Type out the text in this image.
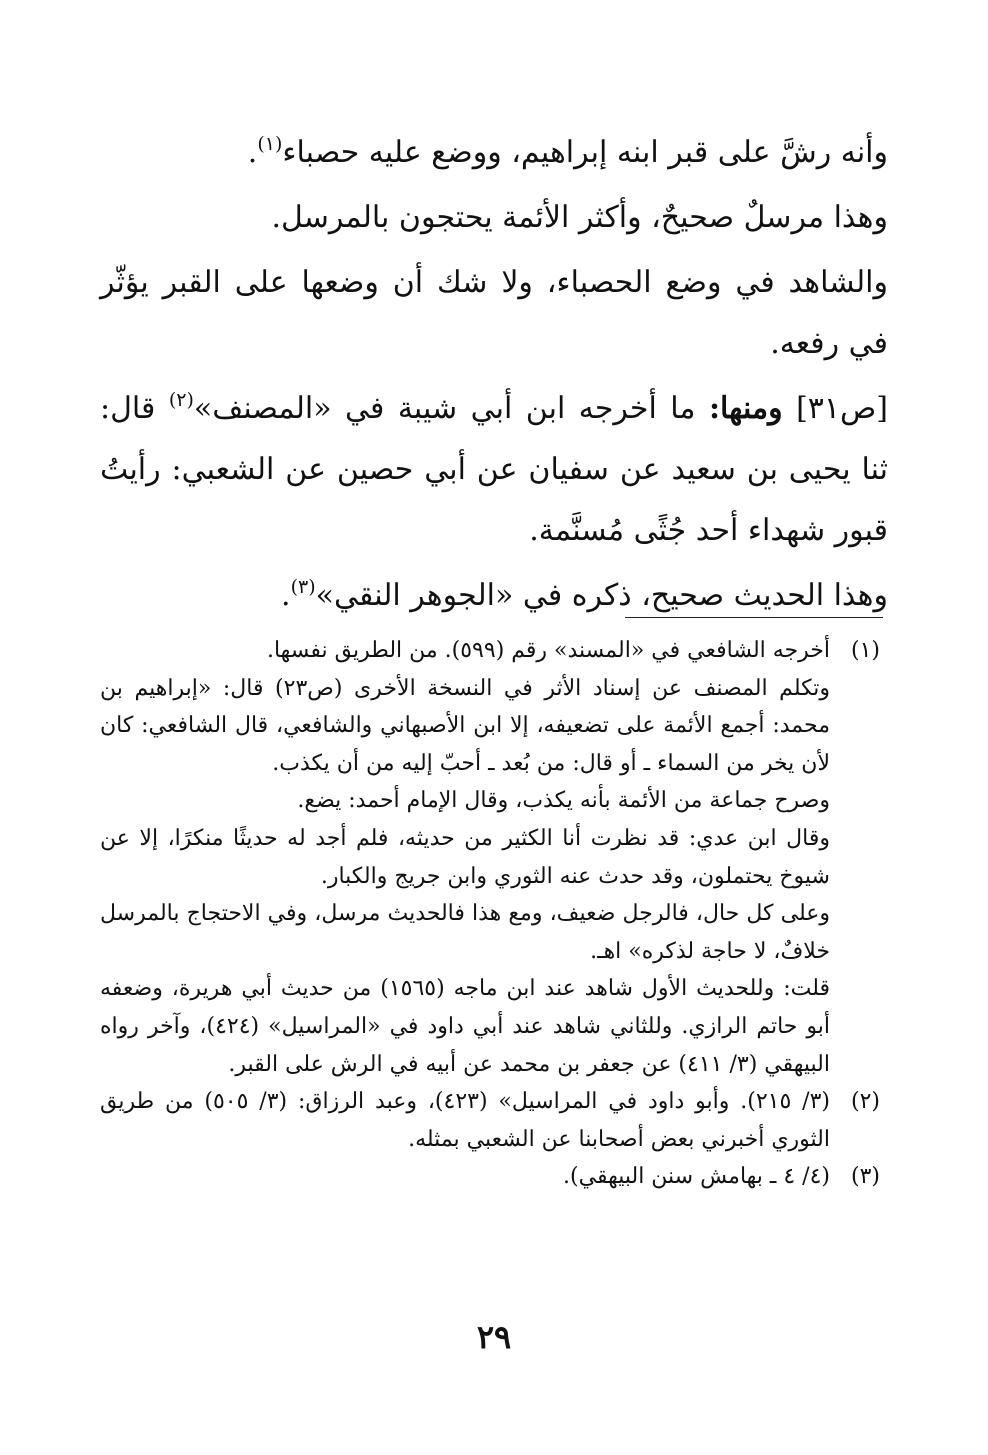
وأنه رشَّ على قبر ابنه إبراهيم، ووضع عليه حصباء$^{(١)}$.

وهذا مرسلٌ صحيحٌ، وأكثر الأئمة يحتجون بالمرسل.

والشاهد في وضع الحصباء، ولا شك أن وضعها على القبر يؤثّر في رفعه.

[ص٣١] ومنها: ما أخرجه ابن أبي شيبة في «المصنف»$^{(٢)}$ قال: ثنا يحيى بن سعيد عن سفيان عن أبي حصين عن الشعبي: رأيتُ قبور شهداء أحد جُثًى مُسنَّمة.

وهذا الحديث صحيح، ذكره في «الجوهر النقي»$^{(٣)}$.

(١)

أخرجه الشافعي في «المسند» رقم (٥٩٩). من الطريق نفسها.

وتكلم المصنف عن إسناد الأثر في النسخة الأخرى (ص٢٣) قال: «إبراهيم بن محمد: أجمع الأئمة على تضعيفه، إلا ابن الأصبهاني والشافعي، قال الشافعي: كان لأن يخر من السماء ـ أو قال: من بُعد ـ أحبّ إليه من أن يكذب.

وصرح جماعة من الأئمة بأنه يكذب، وقال الإمام أحمد: يضع.

وقال ابن عدي: قد نظرت أنا الكثير من حديثه، فلم أجد له حديثًا منكرًا، إلا عن شيوخ يحتملون، وقد حدث عنه الثوري وابن جريج والكبار.

وعلى كل حال، فالرجل ضعيف، ومع هذا فالحديث مرسل، وفي الاحتجاج بالمرسل خلافٌ، لا حاجة لذكره» اهـ.

قلت: وللحديث الأول شاهد عند ابن ماجه (١٥٦٥) من حديث أبي هريرة، وضعفه أبو حاتم الرازي. وللثاني شاهد عند أبي داود في «المراسيل» (٤٢٤)، وآخر رواه البيهقي (٣/ ٤١١) عن جعفر بن محمد عن أبيه في الرش على القبر.

(٢)

(٣/ ٢١٥). وأبو داود في المراسيل» (٤٢٣)، وعبد الرزاق: (٣/ ٥٠٥) من طريق الثوري أخبرني بعض أصحابنا عن الشعبي بمثله.

(٣)

(٤/ ٤ ـ بهامش سنن البيهقي).

٢٩
